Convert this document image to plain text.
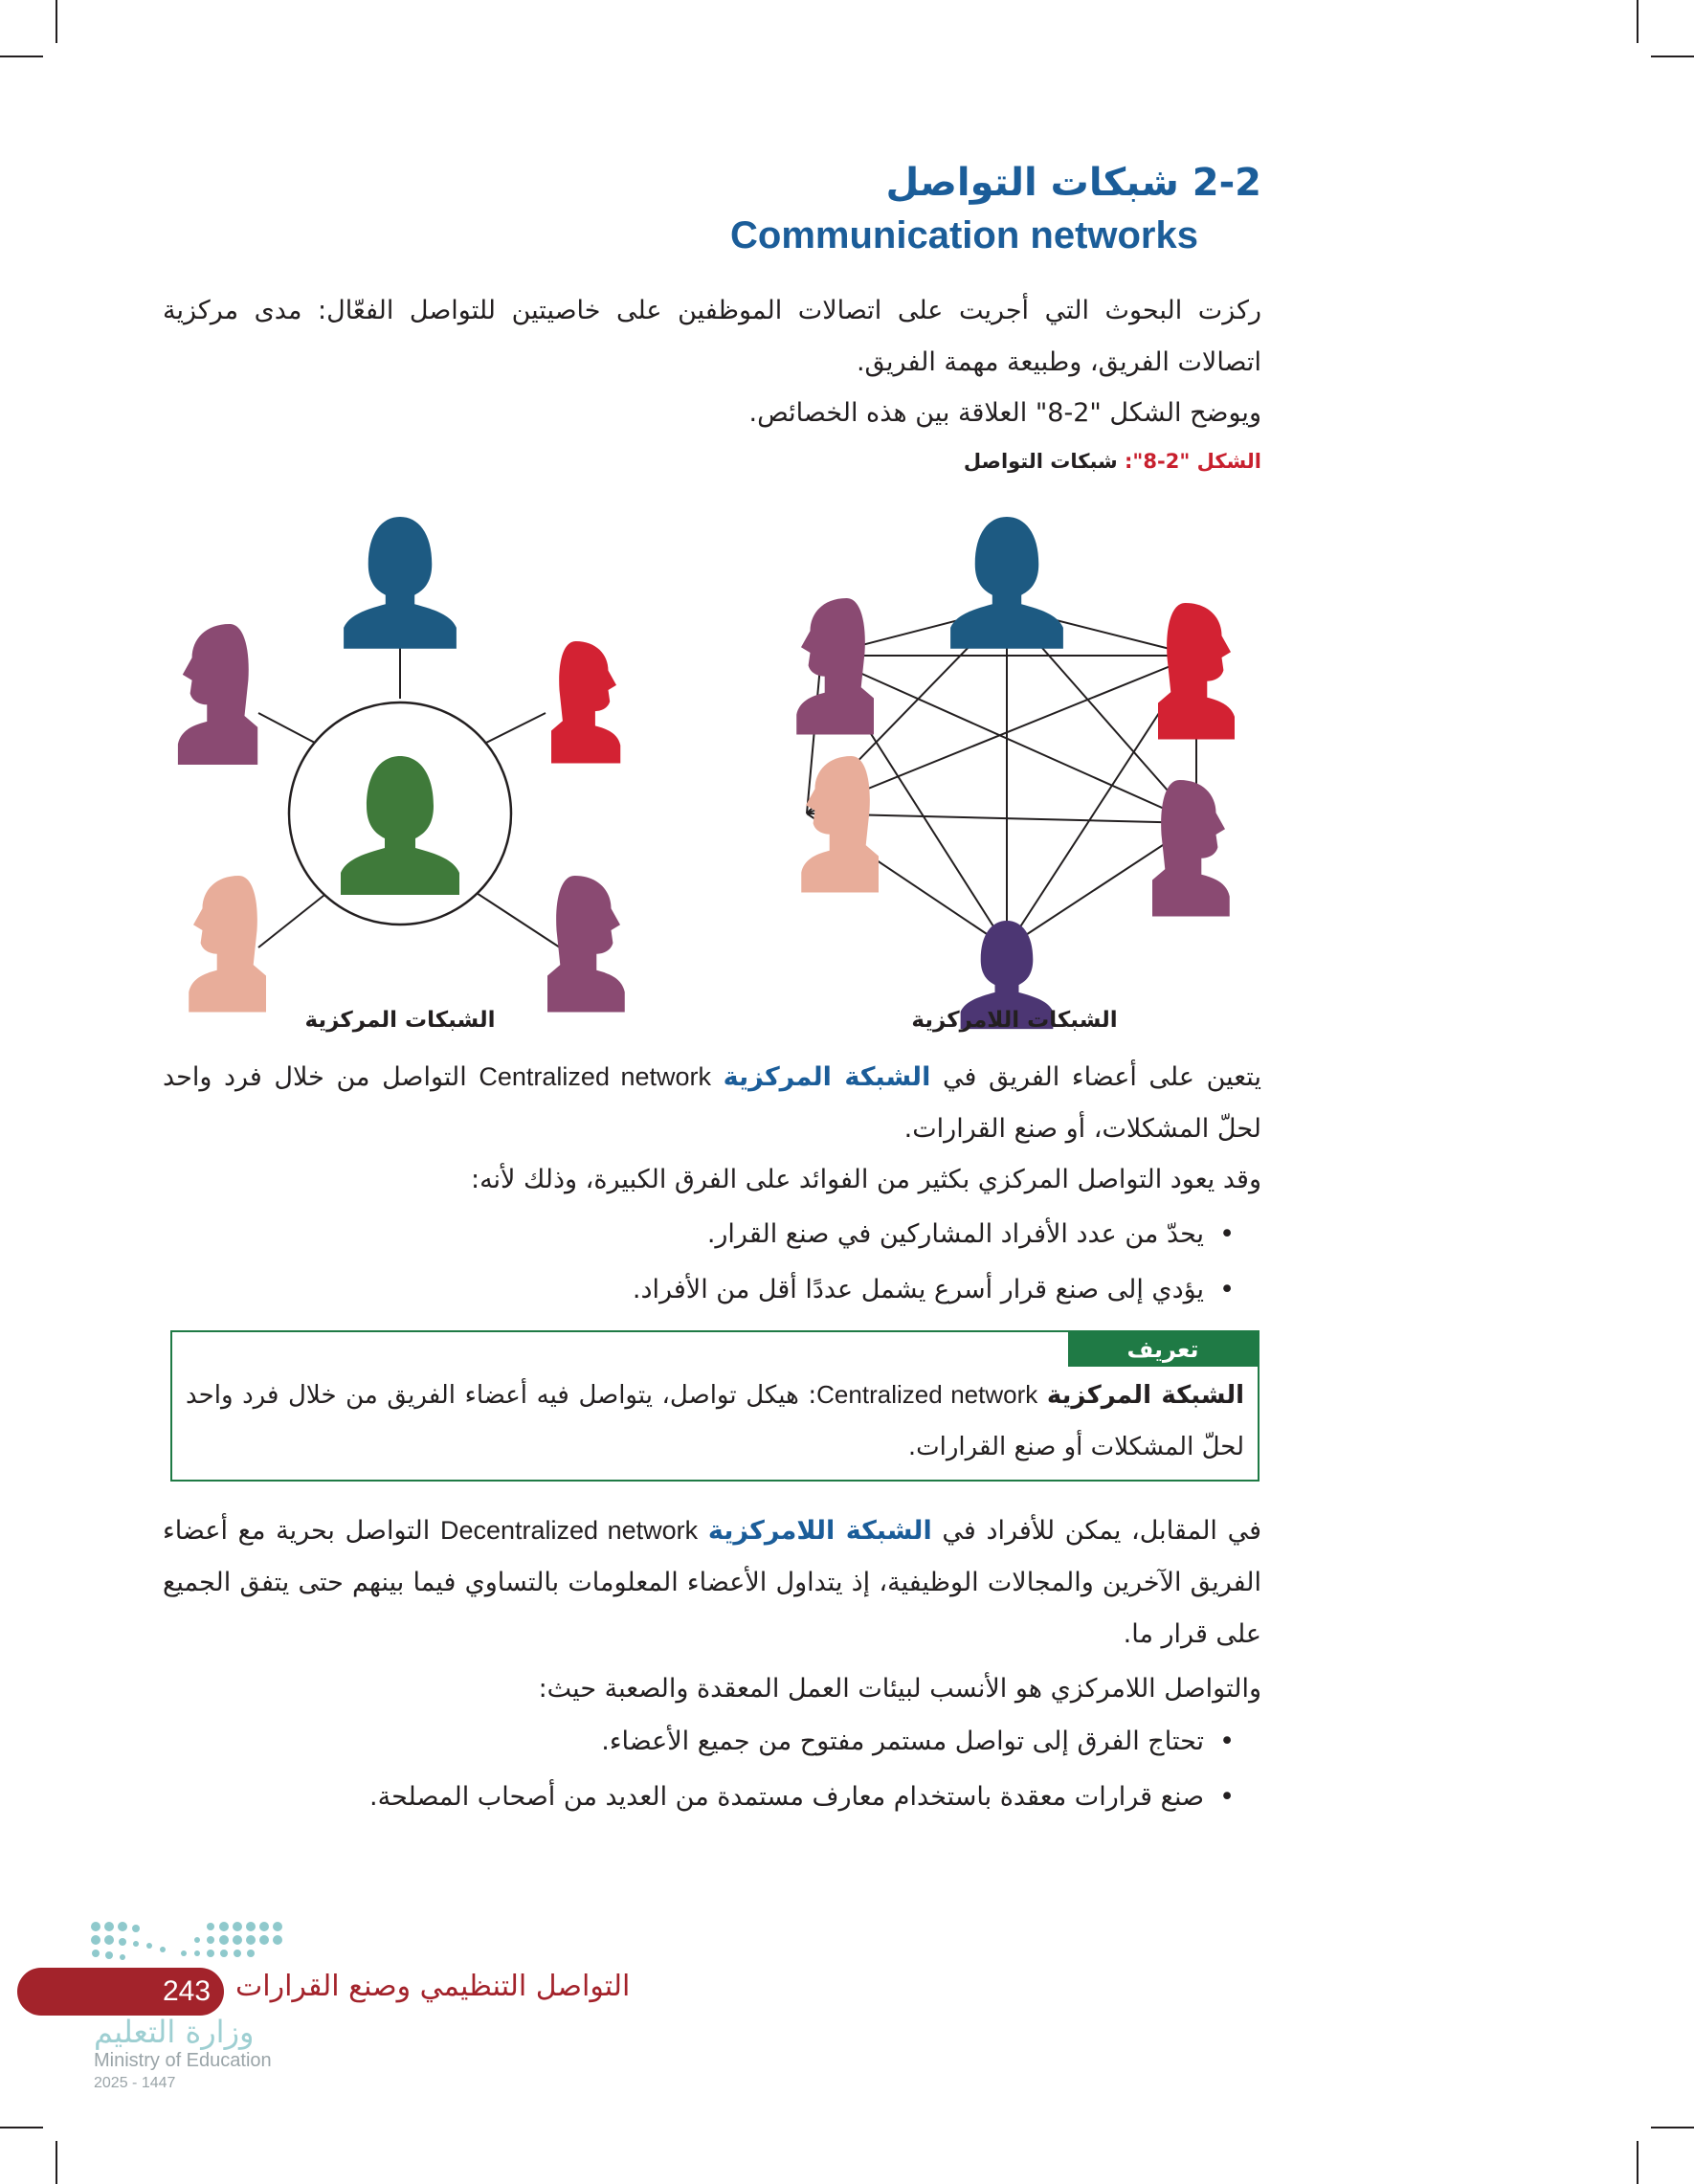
2-2 شبكات التواصل
Communication networks

ركزت البحوث التي أجريت على اتصالات الموظفين على خاصيتين للتواصل الفعّال: مدى مركزية اتصالات الفريق، وطبيعة مهمة الفريق.

ويوضح الشكل "2-8" العلاقة بين هذه الخصائص.

الشكل "2-8": شبكات التواصل
الشبكات المركزية	الشبكات اللامركزية

يتعين على أعضاء الفريق في الشبكة المركزية Centralized network التواصل من خلال فرد واحد لحلّ المشكلات، أو صنع القرارات.

وقد يعود التواصل المركزي بكثير من الفوائد على الفرق الكبيرة، وذلك لأنه:

• يحدّ من عدد الأفراد المشاركين في صنع القرار.

• يؤدي إلى صنع قرار أسرع يشمل عددًا أقل من الأفراد.

تعريف

الشبكة المركزية Centralized network: هيكل تواصل، يتواصل فيه أعضاء الفريق من خلال فرد واحد لحلّ المشكلات أو صنع القرارات.

في المقابل، يمكن للأفراد في الشبكة اللامركزية Decentralized network التواصل بحرية مع أعضاء الفريق الآخرين والمجالات الوظيفية، إذ يتداول الأعضاء المعلومات بالتساوي فيما بينهم حتى يتفق الجميع على قرار ما.

والتواصل اللامركزي هو الأنسب لبيئات العمل المعقدة والصعبة حيث:

• تحتاج الفرق إلى تواصل مستمر مفتوح من جميع الأعضاء.

• صنع قرارات معقدة باستخدام معارف مستمدة من العديد من أصحاب المصلحة.

243 التواصل التنظيمي وصنع القرارات
وزارة التعليم
Ministry of Education
2025 - 1447
